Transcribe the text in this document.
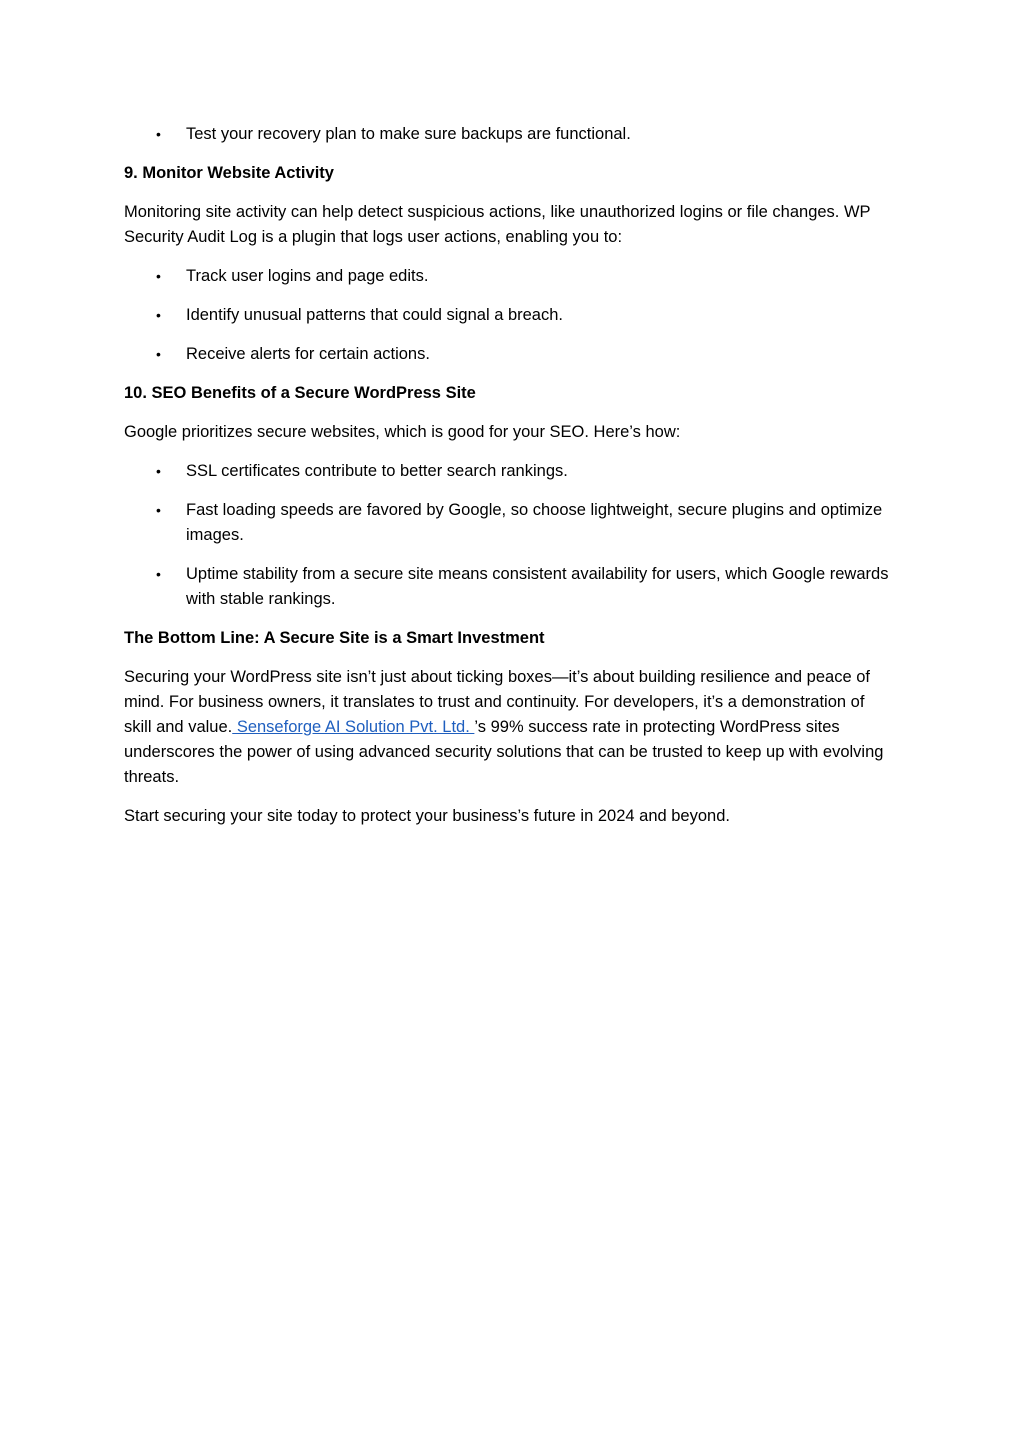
• Test your recovery plan to make sure backups are functional.

9. Monitor Website Activity

Monitoring site activity can help detect suspicious actions, like unauthorized logins or file changes. WP Security Audit Log is a plugin that logs user actions, enabling you to:

• Track user logins and page edits.
• Identify unusual patterns that could signal a breach.
• Receive alerts for certain actions.

10. SEO Benefits of a Secure WordPress Site

Google prioritizes secure websites, which is good for your SEO. Here’s how:

• SSL certificates contribute to better search rankings.
• Fast loading speeds are favored by Google, so choose lightweight, secure plugins and optimize images.
• Uptime stability from a secure site means consistent availability for users, which Google rewards with stable rankings.

The Bottom Line: A Secure Site is a Smart Investment

Securing your WordPress site isn’t just about ticking boxes—it’s about building resilience and peace of mind. For business owners, it translates to trust and continuity. For developers, it’s a demonstration of skill and value. Senseforge AI Solution Pvt. Ltd. ’s 99% success rate in protecting WordPress sites underscores the power of using advanced security solutions that can be trusted to keep up with evolving threats.

Start securing your site today to protect your business’s future in 2024 and beyond.
